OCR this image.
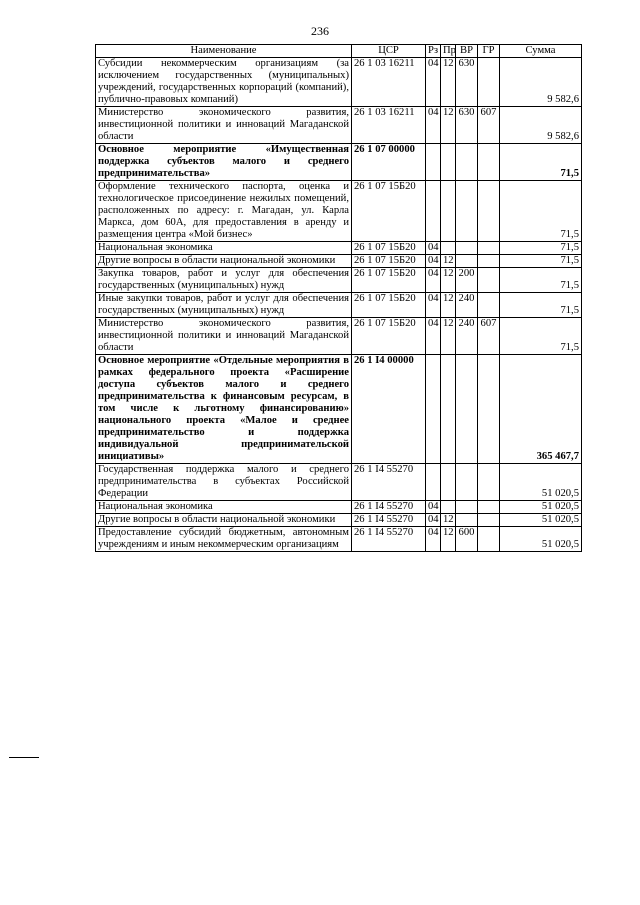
236
Наименование	ЦСР	Рз	Пр	ВР	ГР	Сумма
Субсидии некоммерческим организациям (за исключением государственных (муниципальных) учреждений, государственных корпораций (компаний), публично-правовых компаний)	26 1 03 16211	04	12	630		9 582,6
Министерство экономического развития, инвестиционной политики и инноваций Магаданской области	26 1 03 16211	04	12	630	607	9 582,6
Основное мероприятие «Имущественная поддержка субъектов малого и среднего предпринимательства»	26 1 07 00000					71,5
Оформление технического паспорта, оценка и технологическое присоединение нежилых помещений, расположенных по адресу: г. Магадан, ул. Карла Маркса, дом 60А, для предоставления в аренду и размещения центра «Мой бизнес»	26 1 07 15Б20					71,5
Национальная экономика	26 1 07 15Б20	04				71,5
Другие вопросы в области национальной экономики	26 1 07 15Б20	04	12			71,5
Закупка товаров, работ и услуг для обеспечения государственных (муниципальных) нужд	26 1 07 15Б20	04	12	200		71,5
Иные закупки товаров, работ и услуг для обеспечения государственных (муниципальных) нужд	26 1 07 15Б20	04	12	240		71,5
Министерство экономического развития, инвестиционной политики и инноваций Магаданской области	26 1 07 15Б20	04	12	240	607	71,5
Основное мероприятие «Отдельные мероприятия в рамках федерального проекта «Расширение доступа субъектов малого и среднего предпринимательства к финансовым ресурсам, в том числе к льготному финансированию» национального проекта «Малое и среднее предпринимательство и поддержка индивидуальной предпринимательской инициативы»	26 1 I4 00000					365 467,7
Государственная поддержка малого и среднего предпринимательства в субъектах Российской Федерации	26 1 I4 55270					51 020,5
Национальная экономика	26 1 I4 55270	04				51 020,5
Другие вопросы в области национальной экономики	26 1 I4 55270	04	12			51 020,5
Предоставление субсидий бюджетным, автономным учреждениям и иным некоммерческим организациям	26 1 I4 55270	04	12	600		51 020,5
